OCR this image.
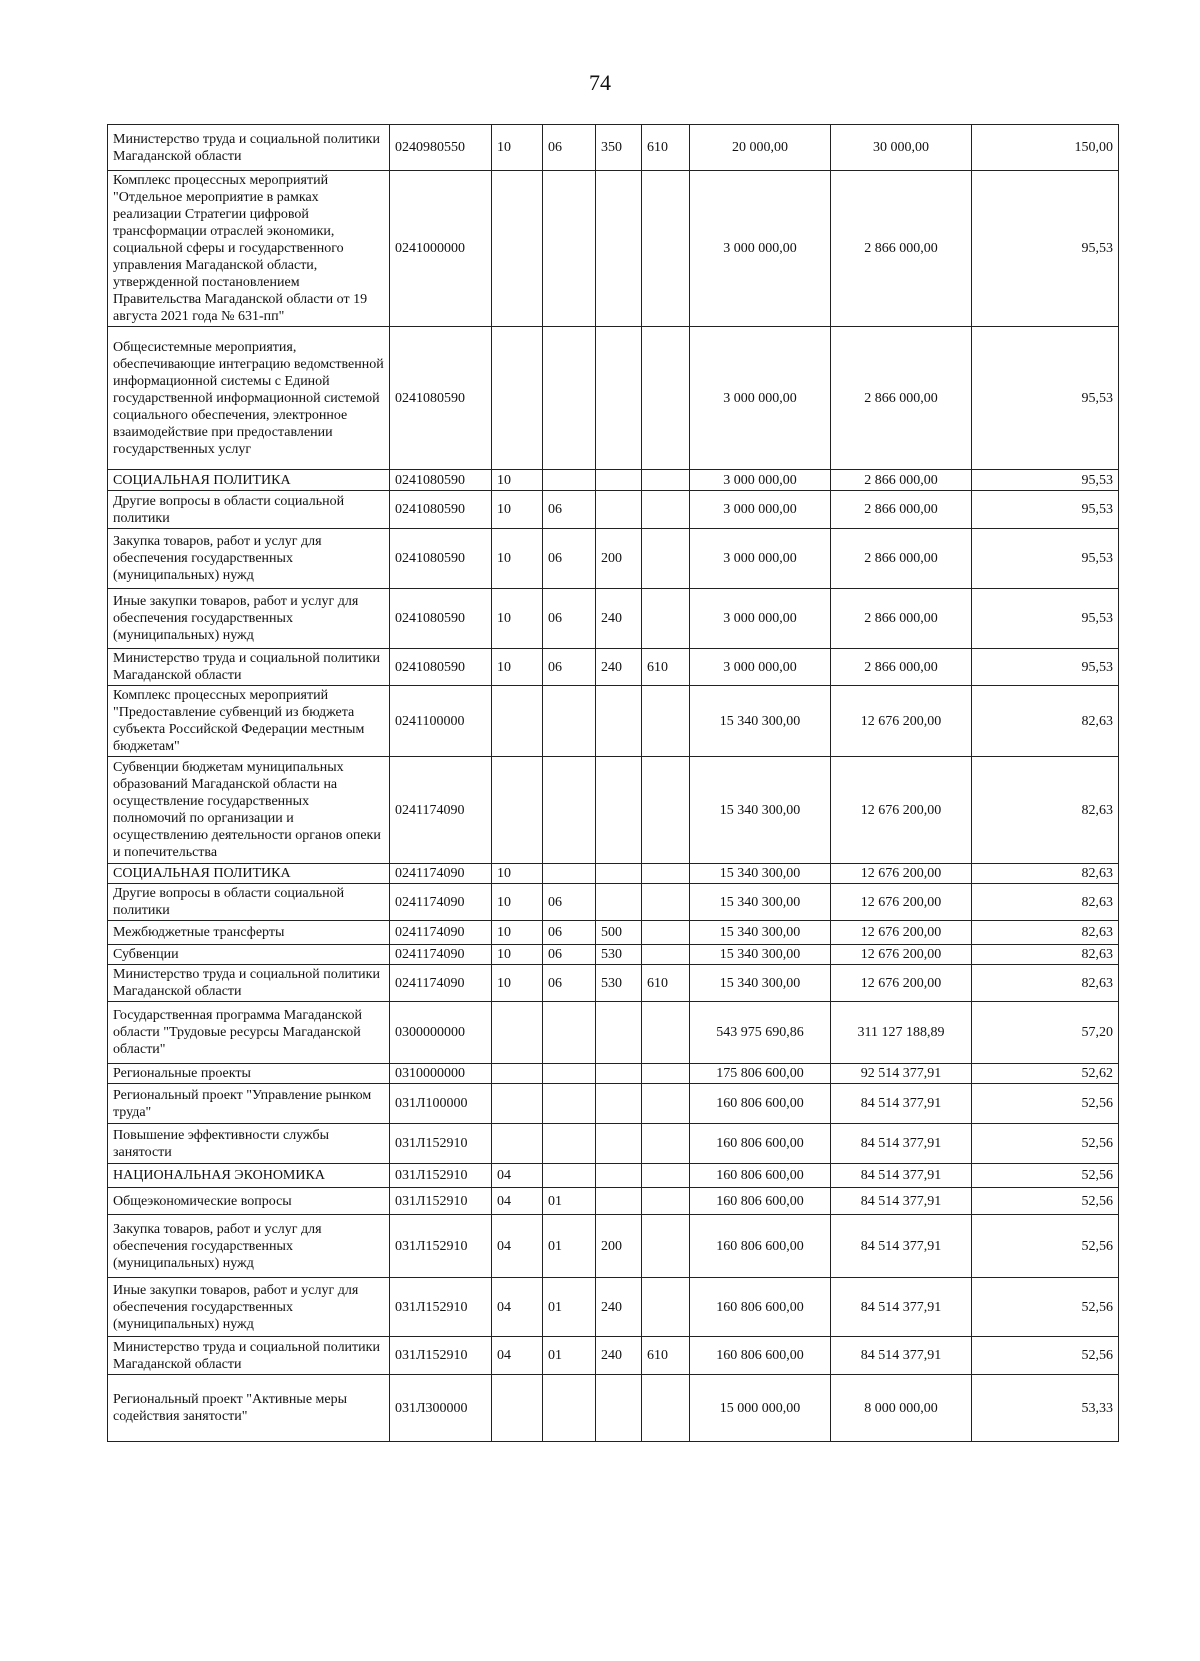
74
Министерство труда и социальной политики Магаданской области	0240980550	10	06	350	610	20 000,00	30 000,00	150,00
Комплекс процессных мероприятий "Отдельное мероприятие в рамках реализации Стратегии цифровой трансформации отраслей экономики, социальной сферы и государственного управления Магаданской области, утвержденной постановлением Правительства Магаданской области от 19 августа 2021 года № 631-пп"	0241000000					3 000 000,00	2 866 000,00	95,53
Общесистемные мероприятия, обеспечивающие интеграцию ведомственной информационной системы с Единой государственной информационной системой социального обеспечения, электронное взаимодействие при предоставлении государственных услуг	0241080590					3 000 000,00	2 866 000,00	95,53
СОЦИАЛЬНАЯ ПОЛИТИКА	0241080590	10				3 000 000,00	2 866 000,00	95,53
Другие вопросы в области социальной политики	0241080590	10	06			3 000 000,00	2 866 000,00	95,53
Закупка товаров, работ и услуг для обеспечения государственных (муниципальных) нужд	0241080590	10	06	200		3 000 000,00	2 866 000,00	95,53
Иные закупки товаров, работ и услуг для обеспечения государственных (муниципальных) нужд	0241080590	10	06	240		3 000 000,00	2 866 000,00	95,53
Министерство труда и социальной политики Магаданской области	0241080590	10	06	240	610	3 000 000,00	2 866 000,00	95,53
Комплекс процессных мероприятий "Предоставление субвенций из бюджета субъекта Российской Федерации местным бюджетам"	0241100000					15 340 300,00	12 676 200,00	82,63
Субвенции бюджетам муниципальных образований Магаданской области на осуществление государственных полномочий по организации и осуществлению деятельности органов опеки и попечительства	0241174090					15 340 300,00	12 676 200,00	82,63
СОЦИАЛЬНАЯ ПОЛИТИКА	0241174090	10				15 340 300,00	12 676 200,00	82,63
Другие вопросы в области социальной политики	0241174090	10	06			15 340 300,00	12 676 200,00	82,63
Межбюджетные трансферты	0241174090	10	06	500		15 340 300,00	12 676 200,00	82,63
Субвенции	0241174090	10	06	530		15 340 300,00	12 676 200,00	82,63
Министерство труда и социальной политики Магаданской области	0241174090	10	06	530	610	15 340 300,00	12 676 200,00	82,63
Государственная программа Магаданской области "Трудовые ресурсы Магаданской области"	0300000000					543 975 690,86	311 127 188,89	57,20
Региональные проекты	0310000000					175 806 600,00	92 514 377,91	52,62
Региональный проект "Управление рынком труда"	031Л100000					160 806 600,00	84 514 377,91	52,56
Повышение эффективности службы занятости	031Л152910					160 806 600,00	84 514 377,91	52,56
НАЦИОНАЛЬНАЯ ЭКОНОМИКА	031Л152910	04				160 806 600,00	84 514 377,91	52,56
Общеэкономические вопросы	031Л152910	04	01			160 806 600,00	84 514 377,91	52,56
Закупка товаров, работ и услуг для обеспечения государственных (муниципальных) нужд	031Л152910	04	01	200		160 806 600,00	84 514 377,91	52,56
Иные закупки товаров, работ и услуг для обеспечения государственных (муниципальных) нужд	031Л152910	04	01	240		160 806 600,00	84 514 377,91	52,56
Министерство труда и социальной политики Магаданской области	031Л152910	04	01	240	610	160 806 600,00	84 514 377,91	52,56
Региональный проект "Активные меры содействия занятости"	031Л300000					15 000 000,00	8 000 000,00	53,33
